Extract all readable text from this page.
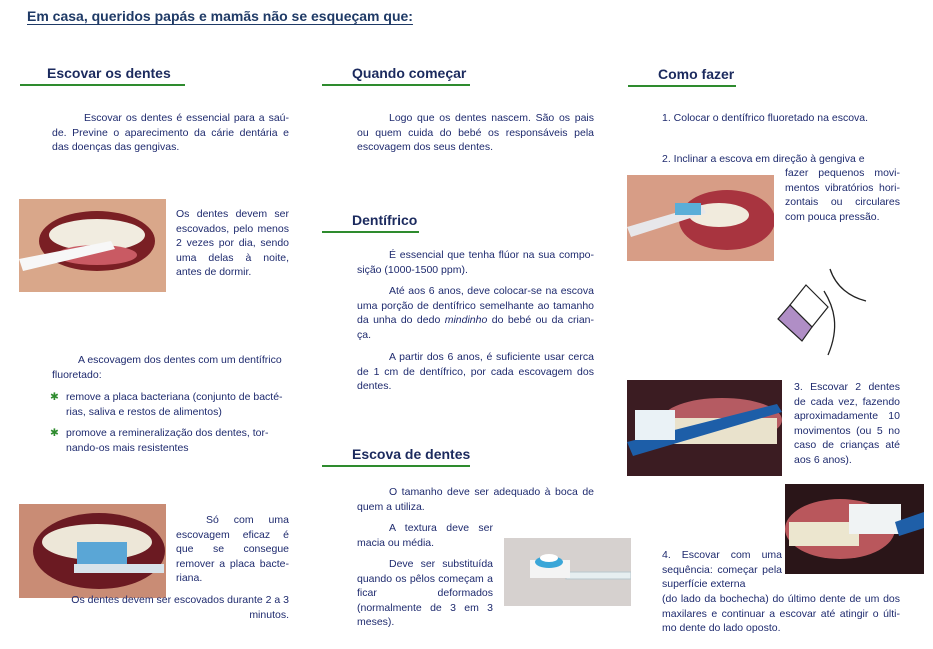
Em casa, queridos papás e mamãs não se esqueçam que:
Escovar os dentes
Escovar os dentes é essencial para a saú-de. Previne o aparecimento da cárie dentária e das doenças das gengivas.
Os dentes devem ser escovados, pelo menos 2 vezes por dia, sendo uma delas à noite, antes de dormir.
A escovagem dos dentes com um dentífrico fluoretado:
✱ remove a placa bacteriana (conjunto de bacté-rias, saliva e restos de alimentos)
✱ promove a remineralização dos dentes, tor-nando-os mais resistentes
Só com uma escovagem eficaz é que se consegue remover a placa bacte-riana.
Os dentes devem ser escovados durante 2 a 3 minutos.
Quando começar
Logo que os dentes nascem. São os pais ou quem cuida do bebé os responsáveis pela escovagem dos seus dentes.
Dentífrico
É essencial que tenha flúor na sua compo-sição (1000-1500 ppm).
Até aos 6 anos, deve colocar-se na escova uma porção de dentífrico semelhante ao tamanho da unha do dedo mindinho do bebé ou da crian-ça.
A partir dos 6 anos, é suficiente usar cerca de 1 cm de dentífrico, por cada escovagem dos dentes.
Escova de dentes
O tamanho deve ser adequado à boca de quem a utiliza.
A textura deve ser macia ou média.
Deve ser substituída quando os pêlos começam a ficar deformados (normalmente de 3 em 3 meses).
Como fazer
1. Colocar o dentífrico fluoretado na escova.
2. Inclinar a escova em direção à gengiva e
fazer pequenos movi-mentos vibratórios hori-zontais ou circulares com pouca pressão.
3. Escovar 2 dentes de cada vez, fazendo aproximadamente 10 movimentos (ou 5 no caso de crianças até aos 6 anos).
4. Escovar com uma sequência: começar pela superfície externa
(do lado da bochecha) do último dente de um dos maxilares e continuar a escovar até atingir o últi-mo dente do lado oposto.
